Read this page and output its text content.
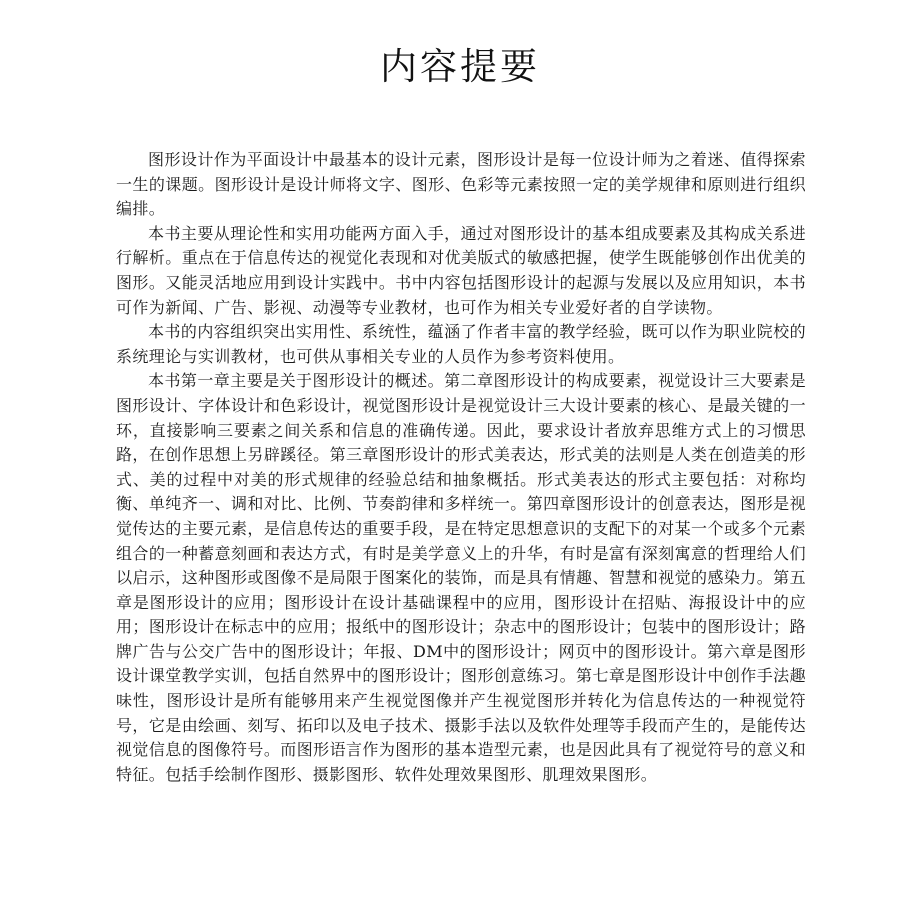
内容提要

图形设计作为平面设计中最基本的设计元素，图形设计是每一位设计师为之着迷、值得探索一生的课题。图形设计是设计师将文字、图形、色彩等元素按照一定的美学规律和原则进行组织编排。

本书主要从理论性和实用功能两方面入手，通过对图形设计的基本组成要素及其构成关系进行解析。重点在于信息传达的视觉化表现和对优美版式的敏感把握，使学生既能够创作出优美的图形。又能灵活地应用到设计实践中。书中内容包括图形设计的起源与发展以及应用知识，本书可作为新闻、广告、影视、动漫等专业教材，也可作为相关专业爱好者的自学读物。

本书的内容组织突出实用性、系统性，蕴涵了作者丰富的教学经验，既可以作为职业院校的系统理论与实训教材，也可供从事相关专业的人员作为参考资料使用。

本书第一章主要是关于图形设计的概述。第二章图形设计的构成要素，视觉设计三大要素是图形设计、字体设计和色彩设计，视觉图形设计是视觉设计三大设计要素的核心、是最关键的一环，直接影响三要素之间关系和信息的准确传递。因此，要求设计者放弃思维方式上的习惯思路，在创作思想上另辟蹊径。第三章图形设计的形式美表达，形式美的法则是人类在创造美的形式、美的过程中对美的形式规律的经验总结和抽象概括。形式美表达的形式主要包括：对称均衡、单纯齐一、调和对比、比例、节奏韵律和多样统一。第四章图形设计的创意表达，图形是视觉传达的主要元素，是信息传达的重要手段，是在特定思想意识的支配下的对某一个或多个元素组合的一种蓄意刻画和表达方式，有时是美学意义上的升华，有时是富有深刻寓意的哲理给人们以启示，这种图形或图像不是局限于图案化的装饰，而是具有情趣、智慧和视觉的感染力。第五章是图形设计的应用；图形设计在设计基础课程中的应用，图形设计在招贴、海报设计中的应用；图形设计在标志中的应用；报纸中的图形设计；杂志中的图形设计；包装中的图形设计；路牌广告与公交广告中的图形设计；年报、DM中的图形设计；网页中的图形设计。第六章是图形设计课堂教学实训，包括自然界中的图形设计；图形创意练习。第七章是图形设计中创作手法趣味性，图形设计是所有能够用来产生视觉图像并产生视觉图形并转化为信息传达的一种视觉符号，它是由绘画、刻写、拓印以及电子技术、摄影手法以及软件处理等手段而产生的，是能传达视觉信息的图像符号。而图形语言作为图形的基本造型元素，也是因此具有了视觉符号的意义和特征。包括手绘制作图形、摄影图形、软件处理效果图形、肌理效果图形。
